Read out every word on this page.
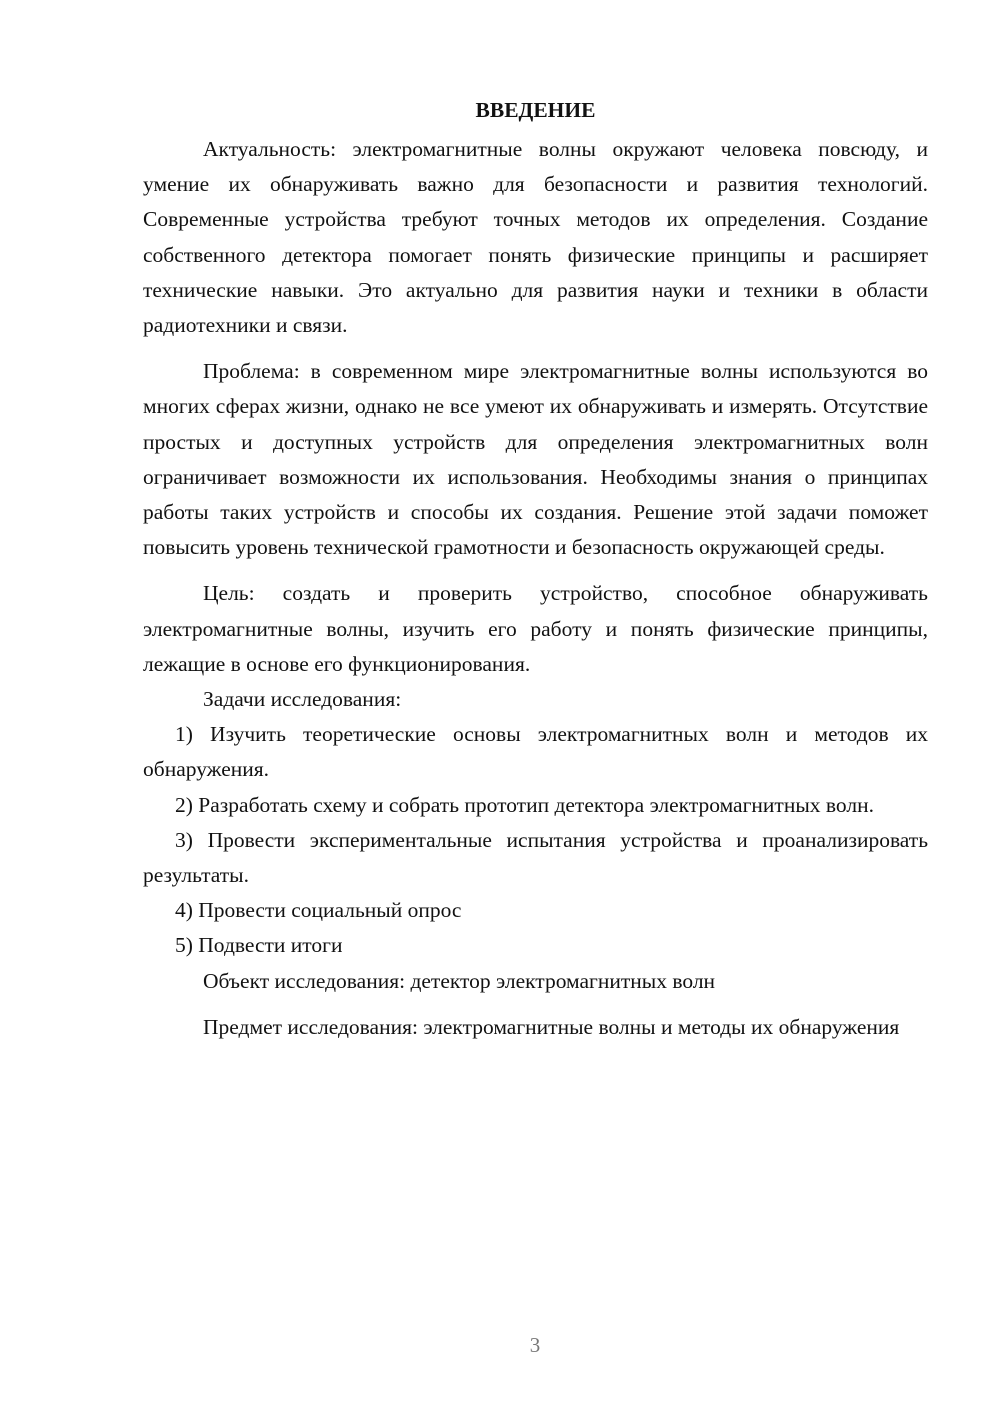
ВВЕДЕНИЕ

Актуальность: электромагнитные волны окружают человека повсюду, и умение их обнаруживать важно для безопасности и развития технологий. Современные устройства требуют точных методов их определения. Создание собственного детектора помогает понять физические принципы и расширяет технические навыки. Это актуально для развития науки и техники в области радиотехники и связи.

Проблема: в современном мире электромагнитные волны используются во многих сферах жизни, однако не все умеют их обнаруживать и измерять. Отсутствие простых и доступных устройств для определения электромагнитных волн ограничивает возможности их использования. Необходимы знания о принципах работы таких устройств и способы их создания. Решение этой задачи поможет повысить уровень технической грамотности и безопасность окружающей среды.

Цель: создать и проверить устройство, способное обнаруживать электромагнитные волны, изучить его работу и понять физические принципы, лежащие в основе его функционирования.

Задачи исследования:

1) Изучить теоретические основы электромагнитных волн и методов их обнаружения.

2) Разработать схему и собрать прототип детектора электромагнитных волн.

3) Провести экспериментальные испытания устройства и проанализировать результаты.

4) Провести социальный опрос

5) Подвести итоги

Объект исследования: детектор электромагнитных волн

Предмет исследования: электромагнитные волны и методы их обнаружения

3
